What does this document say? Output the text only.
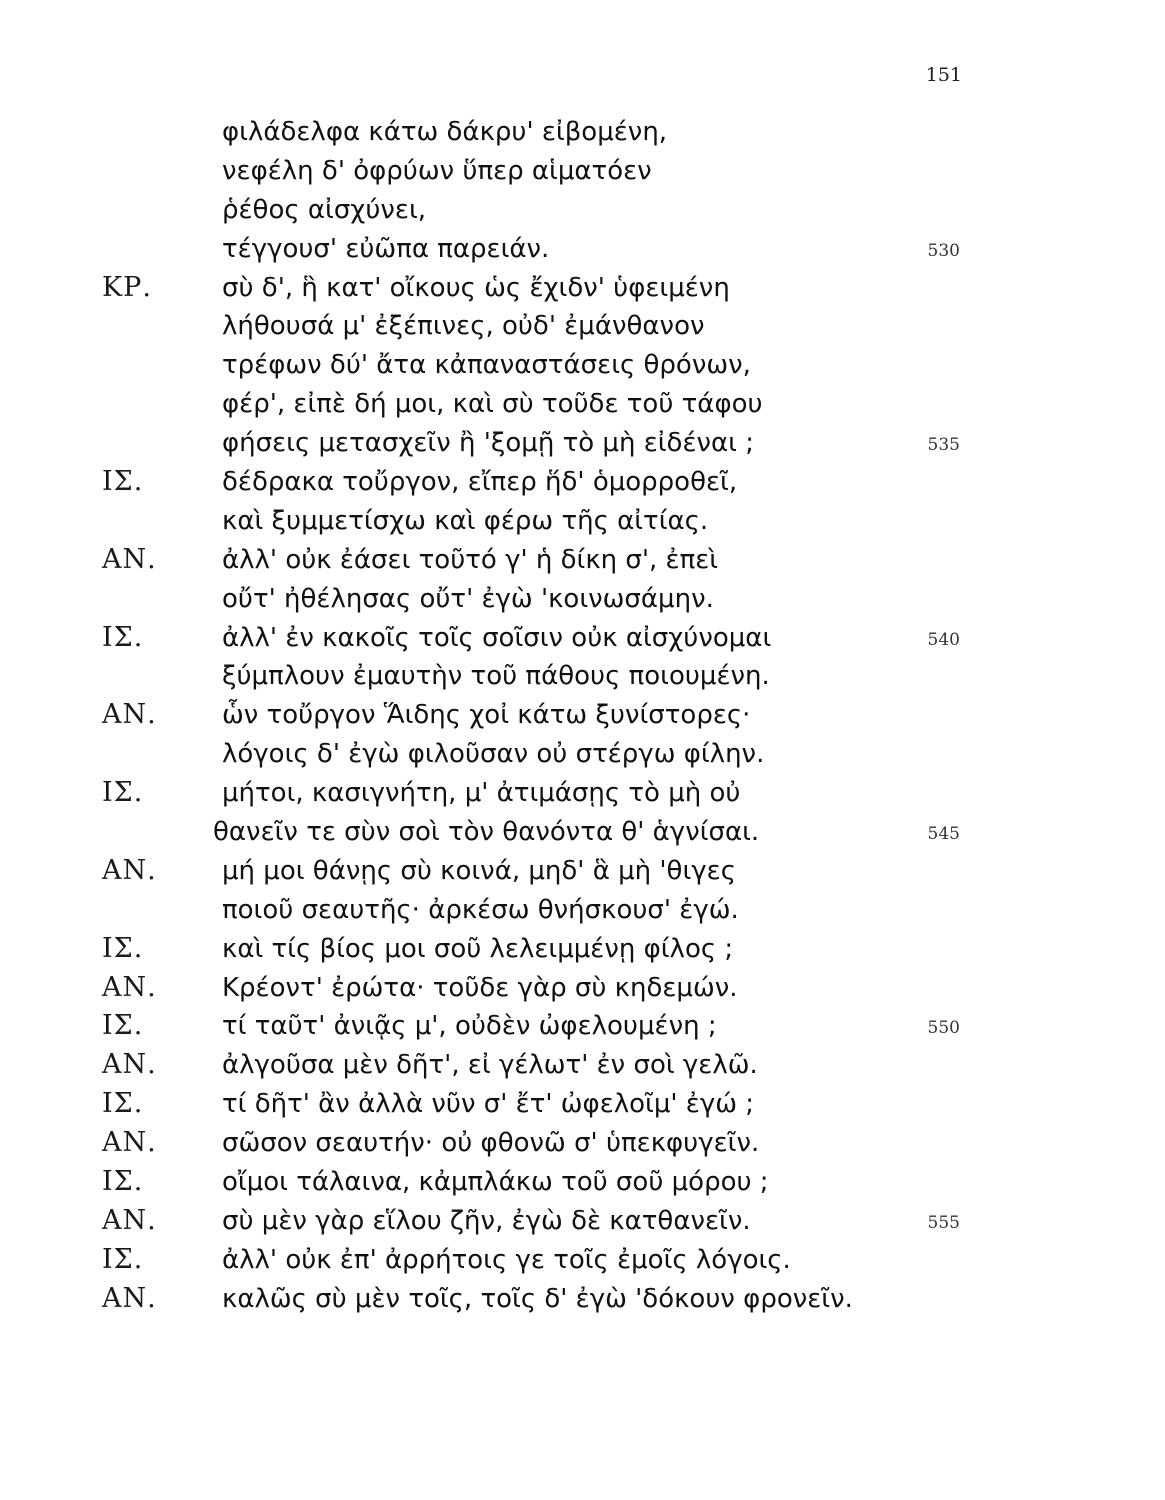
151
φιλάδελφα κάτω δάκρυ' εἰβομένη,
νεφέλη δ' ὀφρύων ὕπερ αἱματόεν
ῥέθος αἰσχύνει,
τέγγουσ' εὐῶπα παρειάν.	530
ΚΡ.	σὺ δ', ἣ κατ' οἴκους ὡς ἔχιδν' ὑφειμένη
λήθουσά μ' ἐξέπινες, οὐδ' ἐμάνθανον
τρέφων δύ' ἄτα κἀπαναστάσεις θρόνων,
φέρ', εἰπὲ δή μοι, καὶ σὺ τοῦδε τοῦ τάφου
φήσεις μετασχεῖν ἢ 'ξομῇ τὸ μὴ εἰδέναι ;	535
ΙΣ.	δέδρακα τοὔργον, εἴπερ ἥδ' ὁμορροθεῖ,
καὶ ξυμμετίσχω καὶ φέρω τῆς αἰτίας.
ΑΝ.	ἀλλ' οὐκ ἐάσει τοῦτό γ' ἡ δίκη σ', ἐπεὶ
οὔτ' ἠθέλησας οὔτ' ἐγὼ 'κοινωσάμην.
ΙΣ.	ἀλλ' ἐν κακοῖς τοῖς σοῖσιν οὐκ αἰσχύνομαι	540
ξύμπλουν ἐμαυτὴν τοῦ πάθους ποιουμένη.
ΑΝ.	ὧν τοὔργον Ἅιδης χοἰ κάτω ξυνίστορες·
λόγοις δ' ἐγὼ φιλοῦσαν οὐ στέργω φίλην.
ΙΣ.	μήτοι, κασιγνήτη, μ' ἀτιμάσῃς τὸ μὴ οὐ
θανεῖν τε σὺν σοὶ τὸν θανόντα θ' ἁγνίσαι.	545
ΑΝ.	μή μοι θάνῃς σὺ κοινά, μηδ' ἃ μὴ 'θιγες
ποιοῦ σεαυτῆς· ἀρκέσω θνήσκουσ' ἐγώ.
ΙΣ.	καὶ τίς βίος μοι σοῦ λελειμμένῃ φίλος ;
ΑΝ.	Κρέοντ' ἐρώτα· τοῦδε γὰρ σὺ κηδεμών.
ΙΣ.	τί ταῦτ' ἀνιᾷς μ', οὐδὲν ὠφελουμένη ;	550
ΑΝ.	ἀλγοῦσα μὲν δῆτ', εἰ γέλωτ' ἐν σοὶ γελῶ.
ΙΣ.	τί δῆτ' ἂν ἀλλὰ νῦν σ' ἔτ' ὠφελοῖμ' ἐγώ ;
ΑΝ.	σῶσον σεαυτήν· οὐ φθονῶ σ' ὑπεκφυγεῖν.
ΙΣ.	οἴμοι τάλαινα, κἀμπλάκω τοῦ σοῦ μόρου ;
ΑΝ.	σὺ μὲν γὰρ εἵλου ζῆν, ἐγὼ δὲ κατθανεῖν.	555
ΙΣ.	ἀλλ' οὐκ ἐπ' ἀρρήτοις γε τοῖς ἐμοῖς λόγοις.
ΑΝ.	καλῶς σὺ μὲν τοῖς, τοῖς δ' ἐγὼ 'δόκουν φρονεῖν.
